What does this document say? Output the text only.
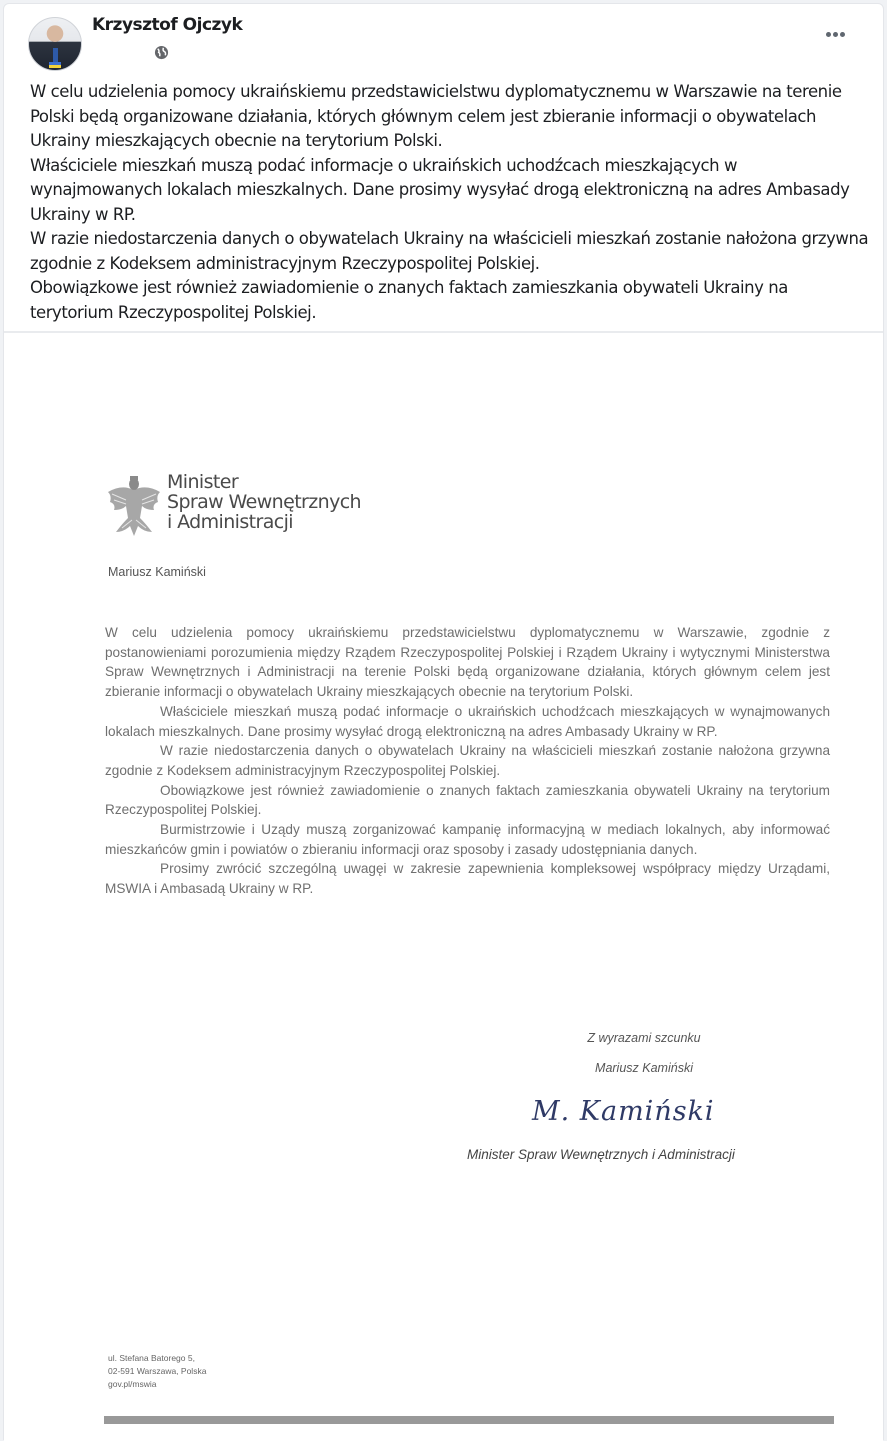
Krzysztof Ojczyk

W celu udzielenia pomocy ukraińskiemu przedstawicielstwu dyplomatycznemu w Warszawie na terenie Polski będą organizowane działania, których głównym celem jest zbieranie informacji o obywatelach Ukrainy mieszkających obecnie na terytorium Polski.

Właściciele mieszkań muszą podać informacje o ukraińskich uchodźcach mieszkających w wynajmowanych lokalach mieszkalnych. Dane prosimy wysyłać drogą elektroniczną na adres Ambasady Ukrainy w RP.

W razie niedostarczenia danych o obywatelach Ukrainy na właścicieli mieszkań zostanie nałożona grzywna zgodnie z Kodeksem administracyjnym Rzeczypospolitej Polskiej.

Obowiązkowe jest również zawiadomienie o znanych faktach zamieszkania obywateli Ukrainy na terytorium Rzeczypospolitej Polskiej.

Minister
Spraw Wewnętrznych
i Administracji
Mariusz Kamiński

W celu udzielenia pomocy ukraińskiemu przedstawicielstwu dyplomatycznemu w Warszawie, zgodnie z postanowieniami porozumienia między Rządem Rzeczypospolitej Polskiej i Rządem Ukrainy i wytycznymi Ministerstwa Spraw Wewnętrznych i Administracji na terenie Polski będą organizowane działania, których głównym celem jest zbieranie informacji o obywatelach Ukrainy mieszkających obecnie na terytorium Polski.

Właściciele mieszkań muszą podać informacje o ukraińskich uchodźcach mieszkających w wynajmowanych lokalach mieszkalnych. Dane prosimy wysyłać drogą elektroniczną na adres Ambasady Ukrainy w RP.

W razie niedostarczenia danych o obywatelach Ukrainy na właścicieli mieszkań zostanie nałożona grzywna zgodnie z Kodeksem administracyjnym Rzeczypospolitej Polskiej.

Obowiązkowe jest również zawiadomienie o znanych faktach zamieszkania obywateli Ukrainy na terytorium Rzeczypospolitej Polskiej.

Burmistrzowie i Uządy muszą zorganizować kampanię informacyjną w mediach lokalnych, aby informować mieszkańców gmin i powiatów o zbieraniu informacji oraz sposoby i zasady udostępniania danych.

Prosimy zwrócić szczególną uwagęi w zakresie zapewnienia kompleksowej współpracy między Urządami, MSWIA i Ambasadą Ukrainy w RP.

Z wyrazami szcunku
Mariusz Kamiński
M. Kamiński
Minister Spraw Wewnętrznych i Administracji
ul. Stefana Batorego 5,
02-591 Warszawa, Polska
gov.pl/mswia
